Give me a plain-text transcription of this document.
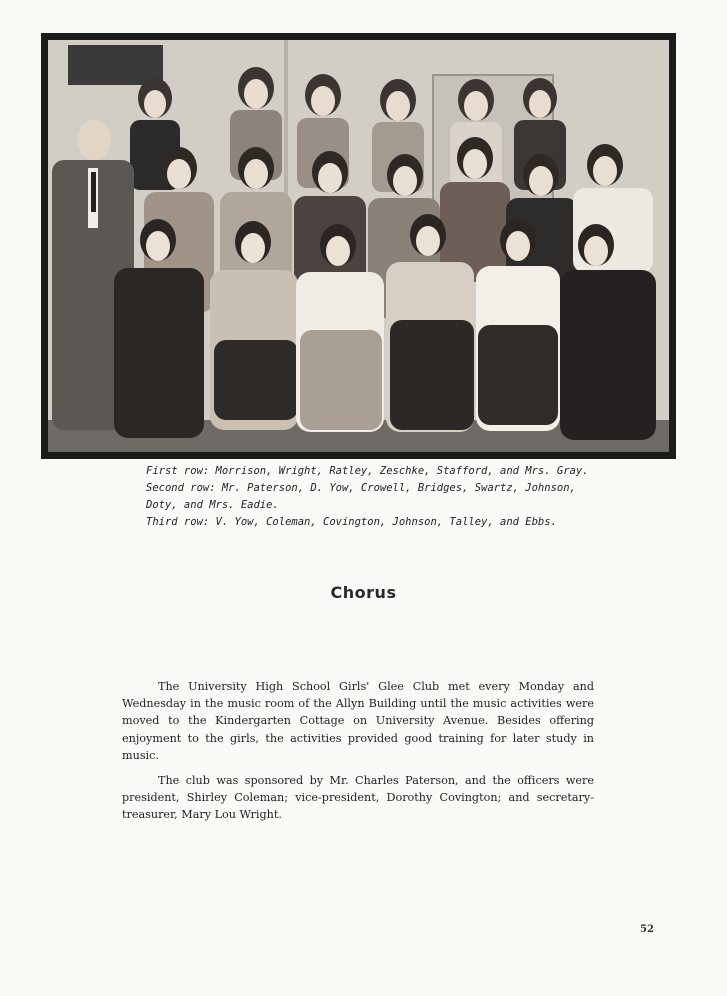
First row: Morrison, Wright, Ratley, Zeschke, Stafford, and Mrs. Gray.
Second row: Mr. Paterson, D. Yow, Crowell, Bridges, Swartz, Johnson,
Doty, and Mrs. Eadie.
Third row: V. Yow, Coleman, Covington, Johnson, Talley, and Ebbs.
Chorus

The University High School Girls' Glee Club met every Monday and Wednesday in the music room of the Allyn Building until the music activities were moved to the Kindergarten Cottage on University Avenue. Besides offering enjoyment to the girls, the activities provided good training for later study in music.

The club was sponsored by Mr. Charles Paterson, and the officers were president, Shirley Coleman; vice-president, Dorothy Covington; and secretary-treasurer, Mary Lou Wright.

52
